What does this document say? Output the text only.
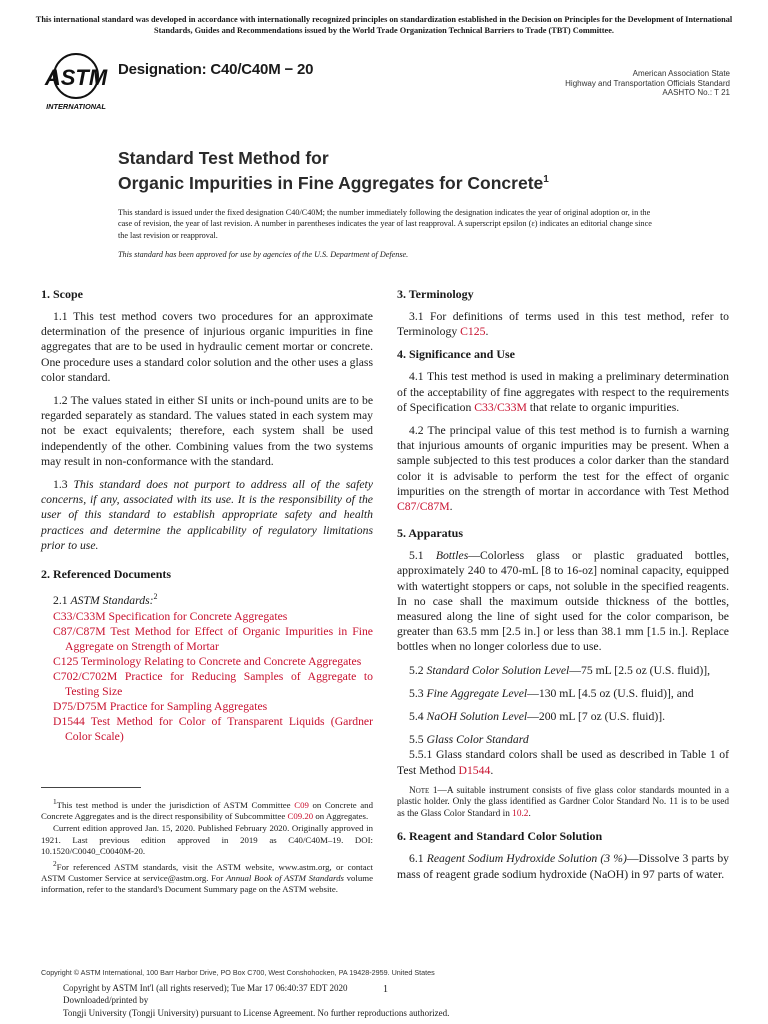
This international standard was developed in accordance with internationally recognized principles on standardization established in the Decision on Principles for the Development of International Standards, Guides and Recommendations issued by the World Trade Organization Technical Barriers to Trade (TBT) Committee.
ASTM
INTERNATIONAL
Designation: C40/C40M − 20	American Association State
Highway and Transportation Officials Standard
AASHTO No.: T 21
Standard Test Method for
Organic Impurities in Fine Aggregates for Concrete$^1$
This standard is issued under the fixed designation C40/C40M; the number immediately following the designation indicates the year of original adoption or, in the case of revision, the year of last revision. A number in parentheses indicates the year of last reapproval. A superscript epsilon (ε) indicates an editorial change since the last revision or reapproval.
This standard has been approved for use by agencies of the U.S. Department of Defense.
1. Scope

1.1 This test method covers two procedures for an approximate determination of the presence of injurious organic impurities in fine aggregates that are to be used in hydraulic cement mortar or concrete. One procedure uses a standard color solution and the other uses a glass color standard.

1.2 The values stated in either SI units or inch-pound units are to be regarded separately as standard. The values stated in each system may not be exact equivalents; therefore, each system shall be used independently of the other. Combining values from the two systems may result in non-conformance with the standard.

1.3 This standard does not purport to address all of the safety concerns, if any, associated with its use. It is the responsibility of the user of this standard to establish appropriate safety and health practices and determine the applicability of regulatory limitations prior to use.

2. Referenced Documents
2.1 ASTM Standards:$^2$
C33/C33M Specification for Concrete Aggregates
C87/C87M Test Method for Effect of Organic Impurities in Fine Aggregate on Strength of Mortar
C125 Terminology Relating to Concrete and Concrete Aggregates
C702/C702M Practice for Reducing Samples of Aggregate to Testing Size
D75/D75M Practice for Sampling Aggregates
D1544 Test Method for Color of Transparent Liquids (Gardner Color Scale)
3. Terminology

3.1 For definitions of terms used in this test method, refer to Terminology C125.

4. Significance and Use

4.1 This test method is used in making a preliminary determination of the acceptability of fine aggregates with respect to the requirements of Specification C33/C33M that relate to organic impurities.

4.2 The principal value of this test method is to furnish a warning that injurious amounts of organic impurities may be present. When a sample subjected to this test produces a color darker than the standard color it is advisable to perform the test for the effect of organic impurities on the strength of mortar in accordance with Test Method C87/C87M.

5. Apparatus

5.1 Bottles—Colorless glass or plastic graduated bottles, approximately 240 to 470-mL [8 to 16-oz] nominal capacity, equipped with watertight stoppers or caps, not soluble in the specified reagents. In no case shall the maximum outside thickness of the bottles, measured along the line of sight used for the color comparison, be greater than 63.5 mm [2.5 in.] or less than 38.1 mm [1.5 in.]. Replace bottles when no longer colorless due to use.

5.2 Standard Color Solution Level—75 mL [2.5 oz (U.S. fluid)],

5.3 Fine Aggregate Level—130 mL [4.5 oz (U.S. fluid)], and

5.4 NaOH Solution Level—200 mL [7 oz (U.S. fluid)].

5.5 Glass Color Standard

5.5.1 Glass standard colors shall be used as described in Table 1 of Test Method D1544.

Note 1—A suitable instrument consists of five glass color standards mounted in a plastic holder. Only the glass identified as Gardner Color Standard No. 11 is to be used as the Glass Color Standard in 10.2.
6. Reagent and Standard Color Solution

6.1 Reagent Sodium Hydroxide Solution (3 %)—Dissolve 3 parts by mass of reagent grade sodium hydroxide (NaOH) in 97 parts of water.

$^1$This test method is under the jurisdiction of ASTM Committee C09 on Concrete and Concrete Aggregates and is the direct responsibility of Subcommittee C09.20 on Aggregates.
Current edition approved Jan. 15, 2020. Published February 2020. Originally approved in 1921. Last previous edition approved in 2019 as C40/C40M–19. DOI: 10.1520/C0040_C0040M-20.
$^2$For referenced ASTM standards, visit the ASTM website, www.astm.org, or contact ASTM Customer Service at service@astm.org. For Annual Book of ASTM Standards volume information, refer to the standard's Document Summary page on the ASTM website.
Copyright © ASTM International, 100 Barr Harbor Drive, PO Box C700, West Conshohocken, PA 19428-2959. United States
Copyright by ASTM Int'l (all rights reserved); Tue Mar 17 06:40:37 EDT 2020
Downloaded/printed by
Tongji University (Tongji University) pursuant to License Agreement. No further reproductions authorized.
1
